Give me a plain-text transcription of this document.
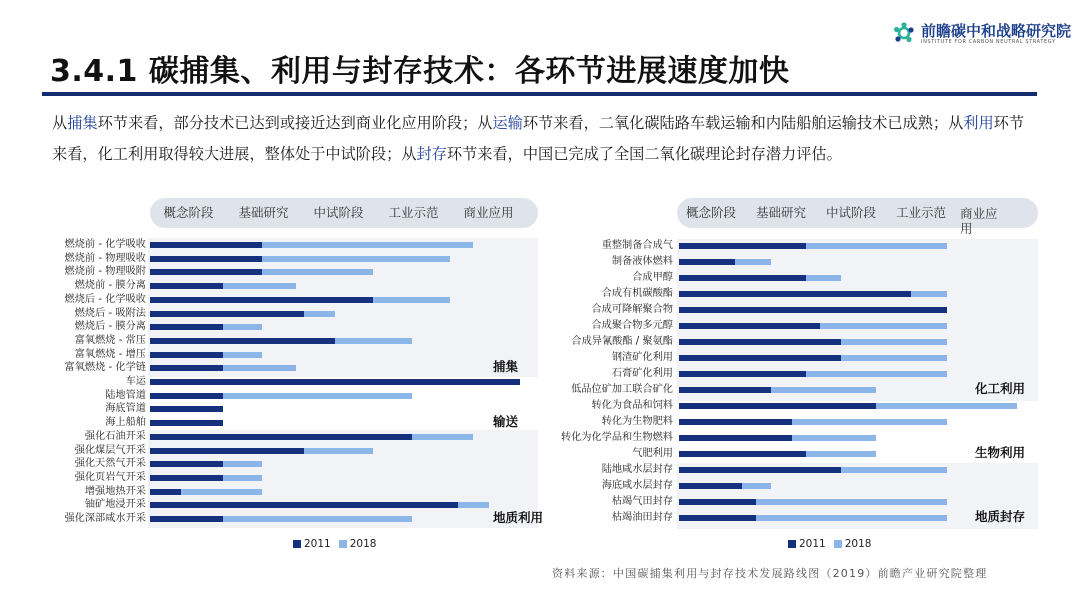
前瞻碳中和战略研究院
INSTITUTE FOR CARBON NEUTRAL STRATEGY
3.4.1 碳捕集、利用与封存技术：各环节进展速度加快
从捕集环节来看，部分技术已达到或接近达到商业化应用阶段；从运输环节来看，二氧化碳陆路车载运输和内陆船舶运输技术已成熟；从利用环节来看，化工利用取得较大进展，整体处于中试阶段；从封存环节来看，中国已完成了全国二氧化碳理论封存潜力评估。
概念阶段	基础研究	中试阶段	工业示范	商业应用
燃烧前 - 化学吸收
燃烧前 - 物理吸收
燃烧前 - 物理吸附
燃烧前 - 膜分离
燃烧后 - 化学吸收
燃烧后 - 吸附法
燃烧后 - 膜分离
富氧燃烧 - 常压
富氧燃烧 - 增压
富氧燃烧 - 化学链
车运
陆地管道
海底管道
海上船舶
强化石油开采
强化煤层气开采
强化天然气开采
强化页岩气开采
增强地热开采
铀矿地浸开采
强化深部咸水开采
捕集
输送
地质利用
2011 2018
概念阶段	基础研究	中试阶段	工业示范	商业应用
重整制备合成气
制备液体燃料
合成甲醇
合成有机碳酸酯
合成可降解聚合物
合成聚合物多元醇
合成异氰酸酯 / 聚氨酯
钢渣矿化利用
石膏矿化利用
低品位矿加工联合矿化
转化为食品和饲料
转化为生物肥料
转化为化学品和生物燃料
气肥利用
陆地咸水层封存
海底咸水层封存
枯竭气田封存
枯竭油田封存
化工利用
生物利用
地质封存
2011 2018
资料来源：中国碳捕集利用与封存技术发展路线图（2019）前瞻产业研究院整理
